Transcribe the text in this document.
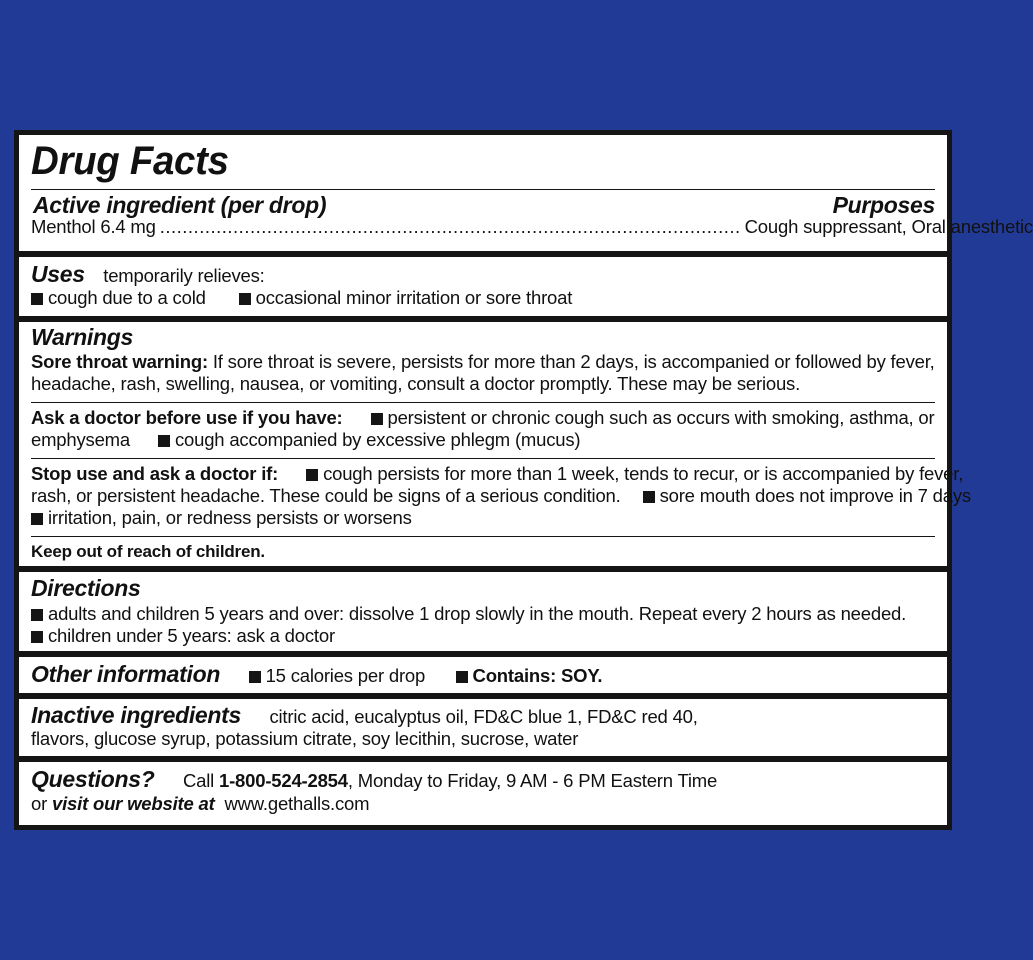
Drug Facts
Active ingredient (per drop)	Purposes
Menthol 6.4 mg ....................................................................................................... Cough suppressant, Oral anesthetic
Uses temporarily relieves:
cough due to a cold	occasional minor irritation or sore throat
Warnings
Sore throat warning: If sore throat is severe, persists for more than 2 days, is accompanied or followed by fever,
headache, rash, swelling, nausea, or vomiting, consult a doctor promptly. These may be serious.
Ask a doctor before use if you have: persistent or chronic cough such as occurs with smoking, asthma, or
emphysema cough accompanied by excessive phlegm (mucus)
Stop use and ask a doctor if: cough persists for more than 1 week, tends to recur, or is accompanied by fever,
rash, or persistent headache. These could be signs of a serious condition. sore mouth does not improve in 7 days
irritation, pain, or redness persists or worsens
Keep out of reach of children.
Directions
adults and children 5 years and over: dissolve 1 drop slowly in the mouth. Repeat every 2 hours as needed.
children under 5 years: ask a doctor
Other information 15 calories per drop	Contains: SOY.
Inactive ingredients citric acid, eucalyptus oil, FD&C blue 1, FD&C red 40,
flavors, glucose syrup, potassium citrate, soy lecithin, sucrose, water
Questions? Call 1-800-524-2854, Monday to Friday, 9 AM - 6 PM Eastern Time
or visit our website at www.gethalls.com
